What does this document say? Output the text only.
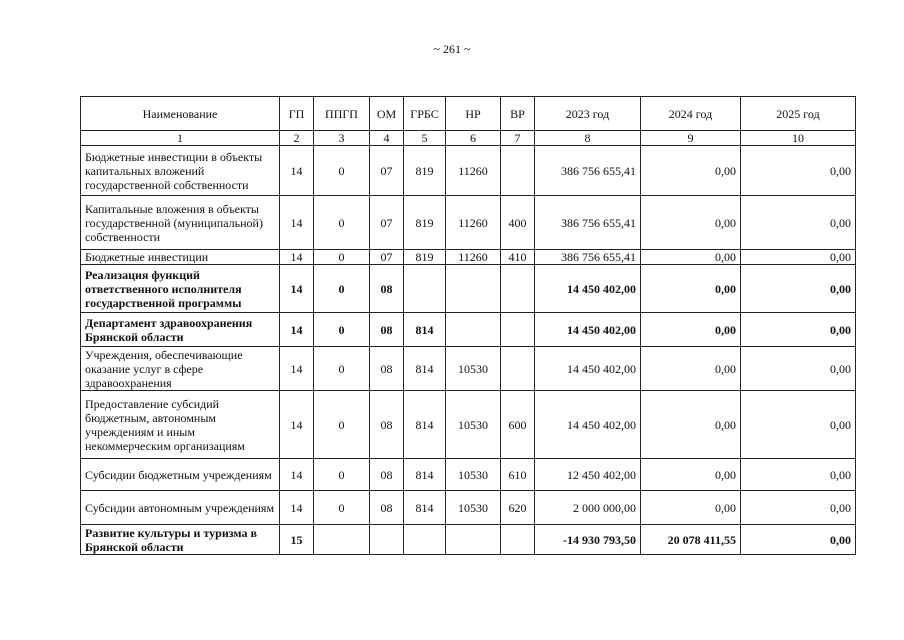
~ 261 ~
Наименование	ГП	ППГП	ОМ	ГРБС	НР	ВР	2023 год	2024 год	2025 год
1	2	3	4	5	6	7	8	9	10
Бюджетные инвестиции в объекты капитальных вложений государственной собственности	14	0	07	819	11260		386 756 655,41	0,00	0,00
Капитальные вложения в объекты государственной (муниципальной) собственности	14	0	07	819	11260	400	386 756 655,41	0,00	0,00
Бюджетные инвестиции	14	0	07	819	11260	410	386 756 655,41	0,00	0,00
Реализация функций ответственного исполнителя государственной программы	14	0	08				14 450 402,00	0,00	0,00
Департамент здравоохранения Брянской области	14	0	08	814			14 450 402,00	0,00	0,00
Учреждения, обеспечивающие оказание услуг в сфере здравоохранения	14	0	08	814	10530		14 450 402,00	0,00	0,00
Предоставление субсидий бюджетным, автономным учреждениям и иным некоммерческим организациям	14	0	08	814	10530	600	14 450 402,00	0,00	0,00
Субсидии бюджетным учреждениям	14	0	08	814	10530	610	12 450 402,00	0,00	0,00
Субсидии автономным учреждениям	14	0	08	814	10530	620	2 000 000,00	0,00	0,00
Развитие культуры и туризма в Брянской области	15						-14 930 793,50	20 078 411,55	0,00
